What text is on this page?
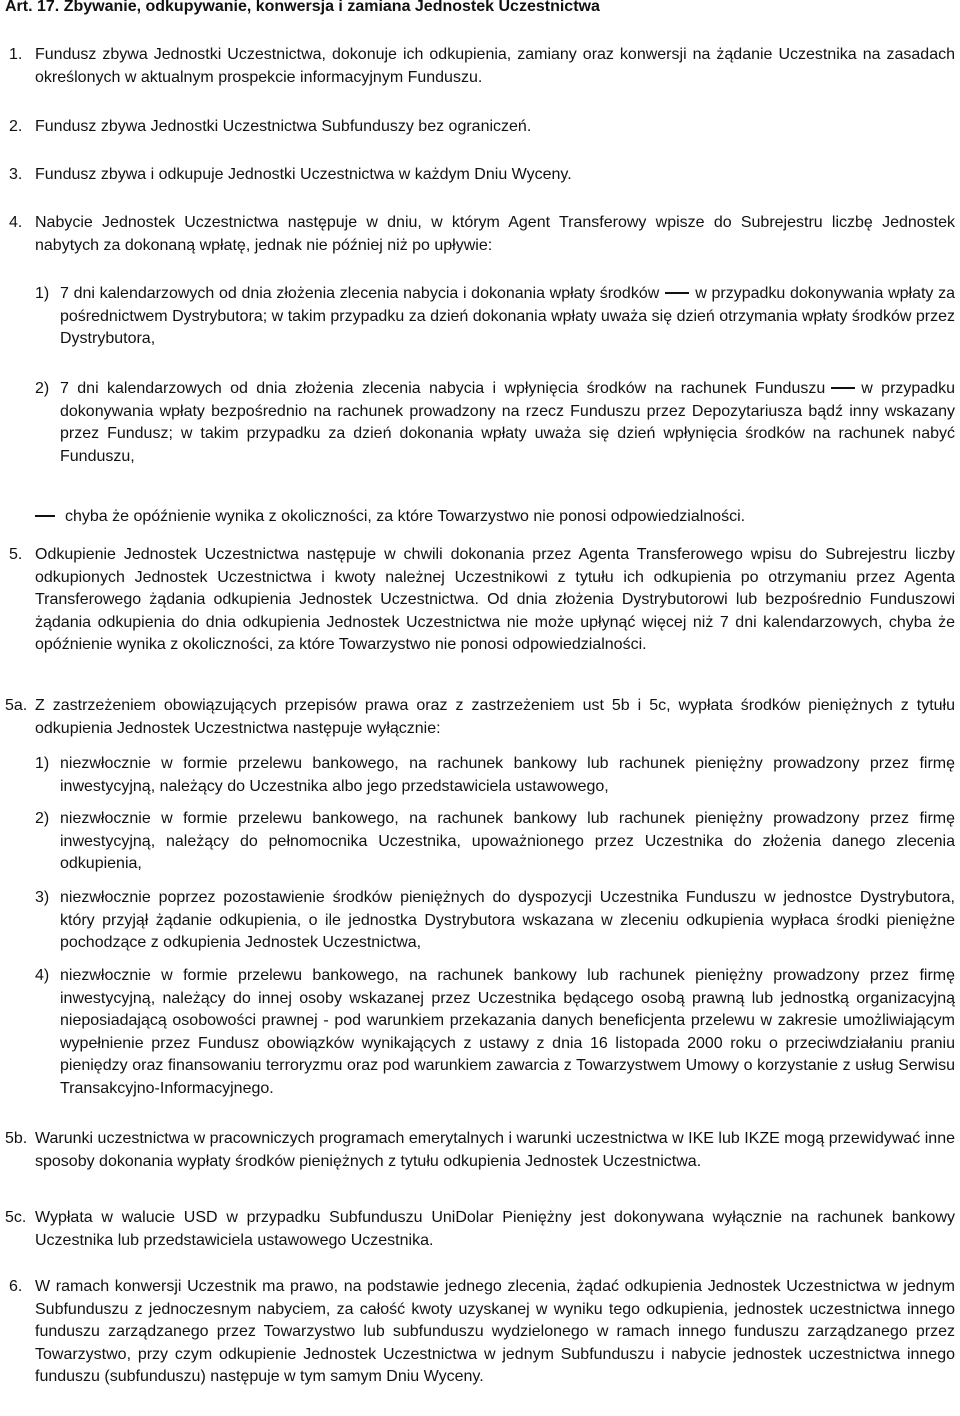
Art. 17. Zbywanie, odkupywanie, konwersja i zamiana Jednostek Uczestnictwa
1. Fundusz zbywa Jednostki Uczestnictwa, dokonuje ich odkupienia, zamiany oraz konwersji na żądanie Uczestnika na zasadach określonych w aktualnym prospekcie informacyjnym Funduszu.
2. Fundusz zbywa Jednostki Uczestnictwa Subfunduszy bez ograniczeń.
3. Fundusz zbywa i odkupuje Jednostki Uczestnictwa w każdym Dniu Wyceny.
4. Nabycie Jednostek Uczestnictwa następuje w dniu, w którym Agent Transferowy wpisze do Subrejestru liczbę Jednostek nabytych za dokonaną wpłatę, jednak nie później niż po upływie:
1) 7 dni kalendarzowych od dnia złożenia zlecenia nabycia i dokonania wpłaty środków w przypadku dokonywania wpłaty za pośrednictwem Dystrybutora; w takim przypadku za dzień dokonania wpłaty uważa się dzień otrzymania wpłaty środków przez Dystrybutora,
2) 7 dni kalendarzowych od dnia złożenia zlecenia nabycia i wpłynięcia środków na rachunek Funduszu w przypadku dokonywania wpłaty bezpośrednio na rachunek prowadzony na rzecz Funduszu przez Depozytariusza bądź inny wskazany przez Fundusz; w takim przypadku za dzień dokonania wpłaty uważa się dzień wpłynięcia środków na rachunek nabyć Funduszu,
chyba że opóźnienie wynika z okoliczności, za które Towarzystwo nie ponosi odpowiedzialności.
5. Odkupienie Jednostek Uczestnictwa następuje w chwili dokonania przez Agenta Transferowego wpisu do Subrejestru liczby odkupionych Jednostek Uczestnictwa i kwoty należnej Uczestnikowi z tytułu ich odkupienia po otrzymaniu przez Agenta Transferowego żądania odkupienia Jednostek Uczestnictwa. Od dnia złożenia Dystrybutorowi lub bezpośrednio Funduszowi żądania odkupienia do dnia odkupienia Jednostek Uczestnictwa nie może upłynąć więcej niż 7 dni kalendarzowych, chyba że opóźnienie wynika z okoliczności, za które Towarzystwo nie ponosi odpowiedzialności.
5a. Z zastrzeżeniem obowiązujących przepisów prawa oraz z zastrzeżeniem ust 5b i 5c, wypłata środków pieniężnych z tytułu odkupienia Jednostek Uczestnictwa następuje wyłącznie:
1) niezwłocznie w formie przelewu bankowego, na rachunek bankowy lub rachunek pieniężny prowadzony przez firmę inwestycyjną, należący do Uczestnika albo jego przedstawiciela ustawowego,
2) niezwłocznie w formie przelewu bankowego, na rachunek bankowy lub rachunek pieniężny prowadzony przez firmę inwestycyjną, należący do pełnomocnika Uczestnika, upoważnionego przez Uczestnika do złożenia danego zlecenia odkupienia,
3) niezwłocznie poprzez pozostawienie środków pieniężnych do dyspozycji Uczestnika Funduszu w jednostce Dystrybutora, który przyjął żądanie odkupienia, o ile jednostka Dystrybutora wskazana w zleceniu odkupienia wypłaca środki pieniężne pochodzące z odkupienia Jednostek Uczestnictwa,
4) niezwłocznie w formie przelewu bankowego, na rachunek bankowy lub rachunek pieniężny prowadzony przez firmę inwestycyjną, należący do innej osoby wskazanej przez Uczestnika będącego osobą prawną lub jednostką organizacyjną nieposiadającą osobowości prawnej - pod warunkiem przekazania danych beneficjenta przelewu w zakresie umożliwiającym wypełnienie przez Fundusz obowiązków wynikających z ustawy z dnia 16 listopada 2000 roku o przeciwdziałaniu praniu pieniędzy oraz finansowaniu terroryzmu oraz pod warunkiem zawarcia z Towarzystwem Umowy o korzystanie z usług Serwisu Transakcyjno-Informacyjnego.
5b. Warunki uczestnictwa w pracowniczych programach emerytalnych i warunki uczestnictwa w IKE lub IKZE mogą przewidywać inne sposoby dokonania wypłaty środków pieniężnych z tytułu odkupienia Jednostek Uczestnictwa.
5c. Wypłata w walucie USD w przypadku Subfunduszu UniDolar Pieniężny jest dokonywana wyłącznie na rachunek bankowy Uczestnika lub przedstawiciela ustawowego Uczestnika.
6. W ramach konwersji Uczestnik ma prawo, na podstawie jednego zlecenia, żądać odkupienia Jednostek Uczestnictwa w jednym Subfunduszu z jednoczesnym nabyciem, za całość kwoty uzyskanej w wyniku tego odkupienia, jednostek uczestnictwa innego funduszu zarządzanego przez Towarzystwo lub subfunduszu wydzielonego w ramach innego funduszu zarządzanego przez Towarzystwo, przy czym odkupienie Jednostek Uczestnictwa w jednym Subfunduszu i nabycie jednostek uczestnictwa innego funduszu (subfunduszu) następuje w tym samym Dniu Wyceny.
